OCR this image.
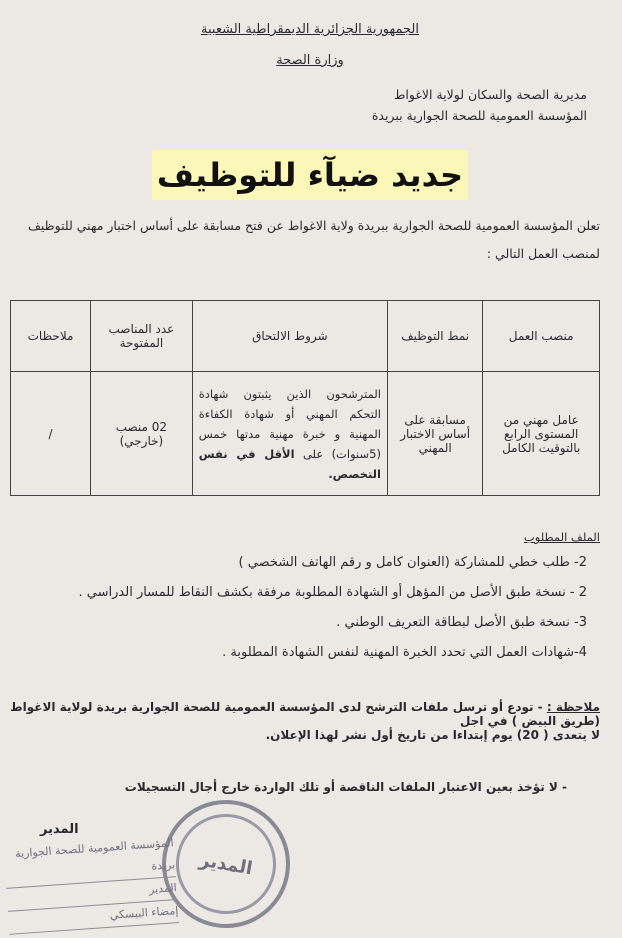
الجمهورية الجزائرية الديمقراطية الشعبية
وزارة الصحة
مديرية الصحة والسكان لولاية الاغواط
المؤسسة العمومية للصحة الجوارية ببريدة
جديد ضيآء للتوظيف
تعلن المؤسسة العمومية للصحة الجوارية ببريدة ولاية الاغواط عن فتح مسابقة على أساس اختبار مهني للتوظيف
لمنصب العمل التالي :
منصب العمل	نمط التوظيف	شروط الالتحاق	عدد المناصب المفتوحة	ملاحظات
عامل مهني من المستوى الرابع بالتوقيت الكامل	مسابقة على أساس الاختبار المهني	المترشحون الذين يثبتون شهادة التحكم المهني أو شهادة الكفاءة المهنية و خبرة مهنية مدتها خمس (5سنوات) على الأقل في نفس التخصص.	02 منصب
(خارجي)	/
الملف المطلوب
2- طلب خطي للمشاركة (العنوان كامل و رقم الهاتف الشخصي )
2 - نسخة طبق الأصل من المؤهل أو الشهادة المطلوبة مرفقة بكشف النقاط للمسار الدراسي .
3- نسخة طبق الأصل لبطاقة التعريف الوطني .
4-شهادات العمل التي تحدد الخبرة المهنية لنفس الشهادة المطلوبة .
ملاحظة : - تودع أو ترسل ملفات الترشح لدى المؤسسة العمومية للصحة الجوارية بريدة لولاية الاغواط (طريق البيض ) في اجل
لا يتعدى ( 20) يوم إبتداءا من تاريخ أول نشر لهذا الإعلان.
- لا تؤخذ بعين الاعتبار الملفات الناقصة أو تلك الواردة خارج أجال التسجيلات
المدير
المدير
المؤسسة العمومية للصحة الجوارية بريدة
المدير
إمضاء البيسكي
